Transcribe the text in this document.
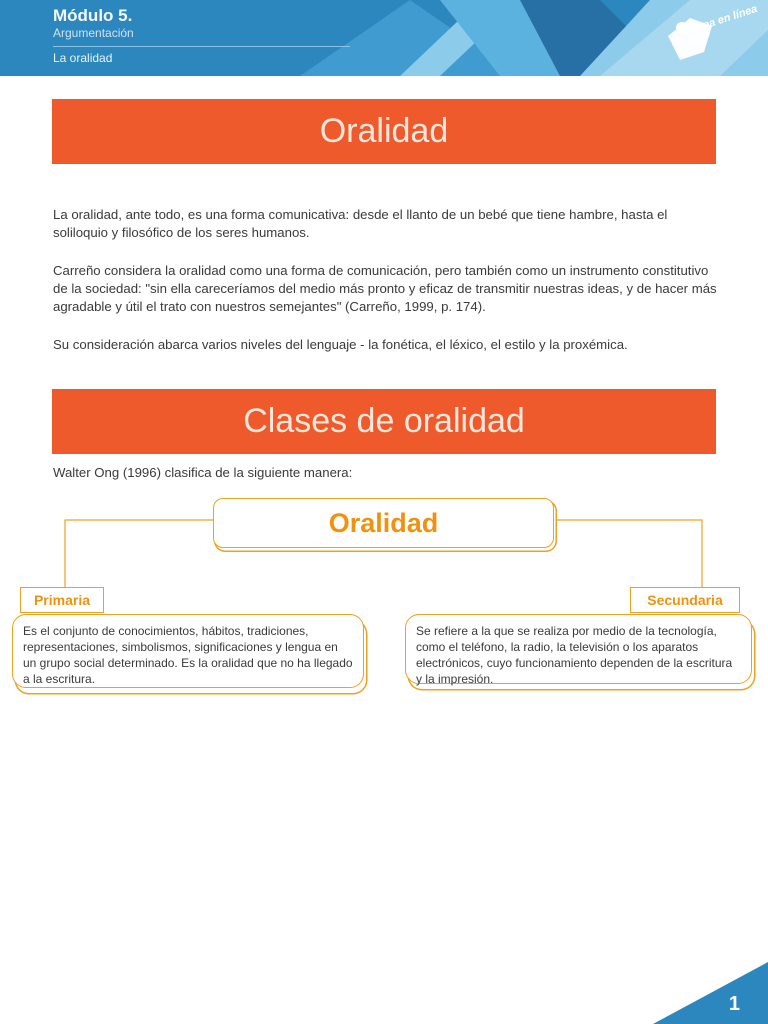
Módulo 5.
Argumentación
La oralidad
Prepa en línea SEP
Oralidad

La oralidad, ante todo, es una forma comunicativa: desde el llanto de un bebé que tiene hambre, hasta el soliloquio y filosófico de los seres humanos.

Carreño considera la oralidad como una forma de comunicación, pero también como un instrumento constitutivo de la sociedad: "sin ella careceríamos del medio más pronto y eficaz de transmitir nuestras ideas, y de hacer más agradable y útil el trato con nuestros semejantes" (Carreño, 1999, p. 174).

Su consideración abarca varios niveles del lenguaje - la fonética, el léxico, el estilo y la proxémica.

Clases de oralidad

Walter Ong (1996) clasifica de la siguiente manera:

Oralidad
Primaria
Es el conjunto de conocimientos, hábitos, tradiciones, representaciones, simbolismos, significaciones y lengua en un grupo social determinado. Es la oralidad que no ha llegado a la escritura.
Secundaria
Se refiere a la que se realiza por medio de la tecnología, como el teléfono, la radio, la televisión o los aparatos electrónicos, cuyo funcionamiento dependen de la escritura y la impresión.
1
